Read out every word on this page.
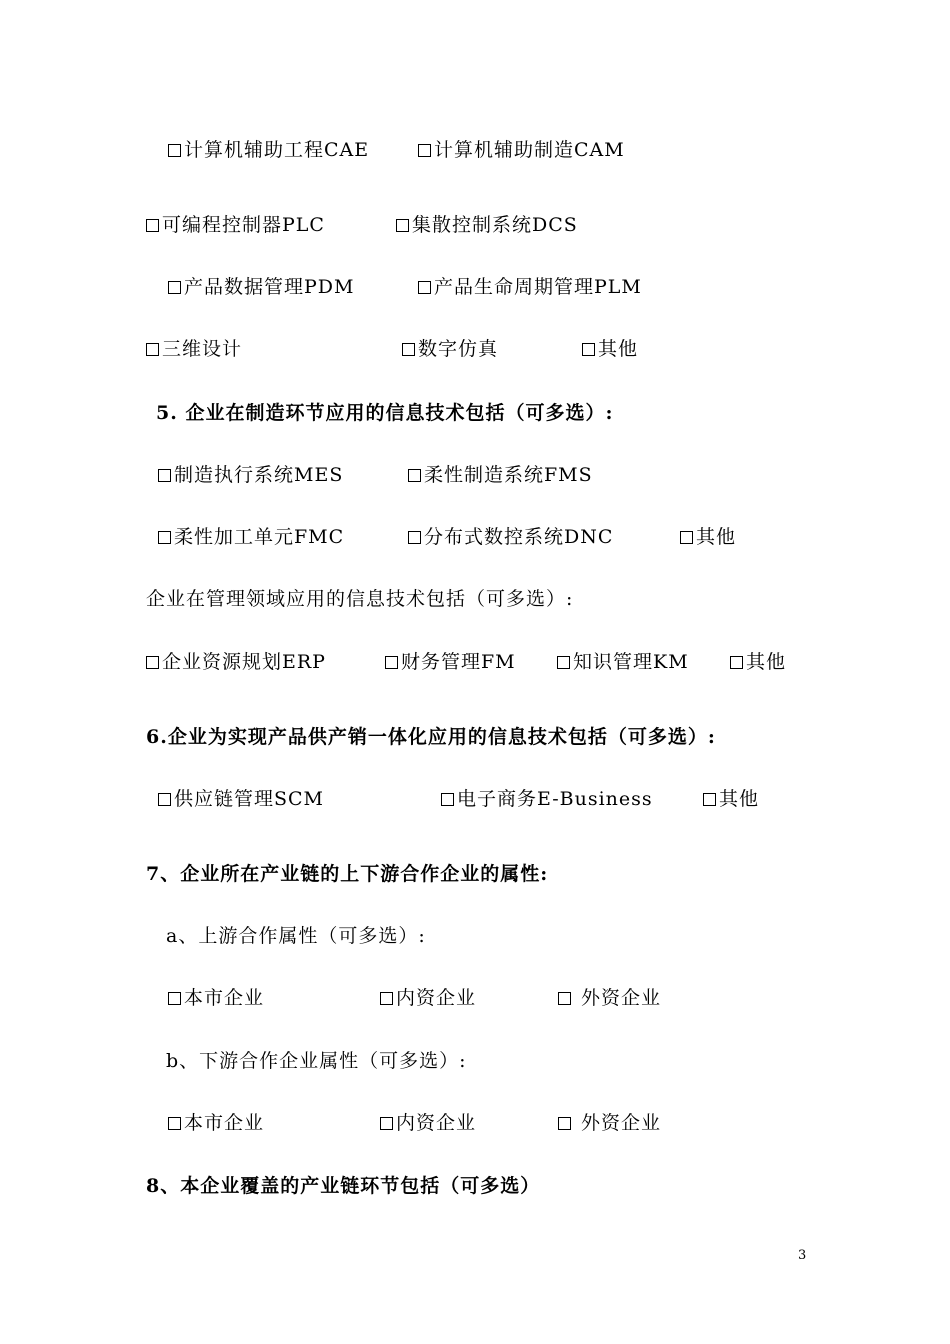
计算机辅助工程CAE	计算机辅助制造CAM
可编程控制器PLC	集散控制系统DCS
产品数据管理PDM	产品生命周期管理PLM
三维设计	数字仿真	其他
制造执行系统MES	柔性制造系统FMS
柔性加工单元FMC	分布式数控系统DNC	其他
企业资源规划ERP	财务管理FM	知识管理KM	其他
供应链管理SCM	电子商务E-Business	其他
本市企业	内资企业	外资企业
本市企业	内资企业	外资企业
5. 企业在制造环节应用的信息技术包括（可多选）:
企业在管理领域应用的信息技术包括（可多选）:
6.企业为实现产品供产销一体化应用的信息技术包括（可多选）:
7、企业所在产业链的上下游合作企业的属性:
a、上游合作属性（可多选）:
b、下游合作企业属性（可多选）:
8、本企业覆盖的产业链环节包括（可多选）
3
